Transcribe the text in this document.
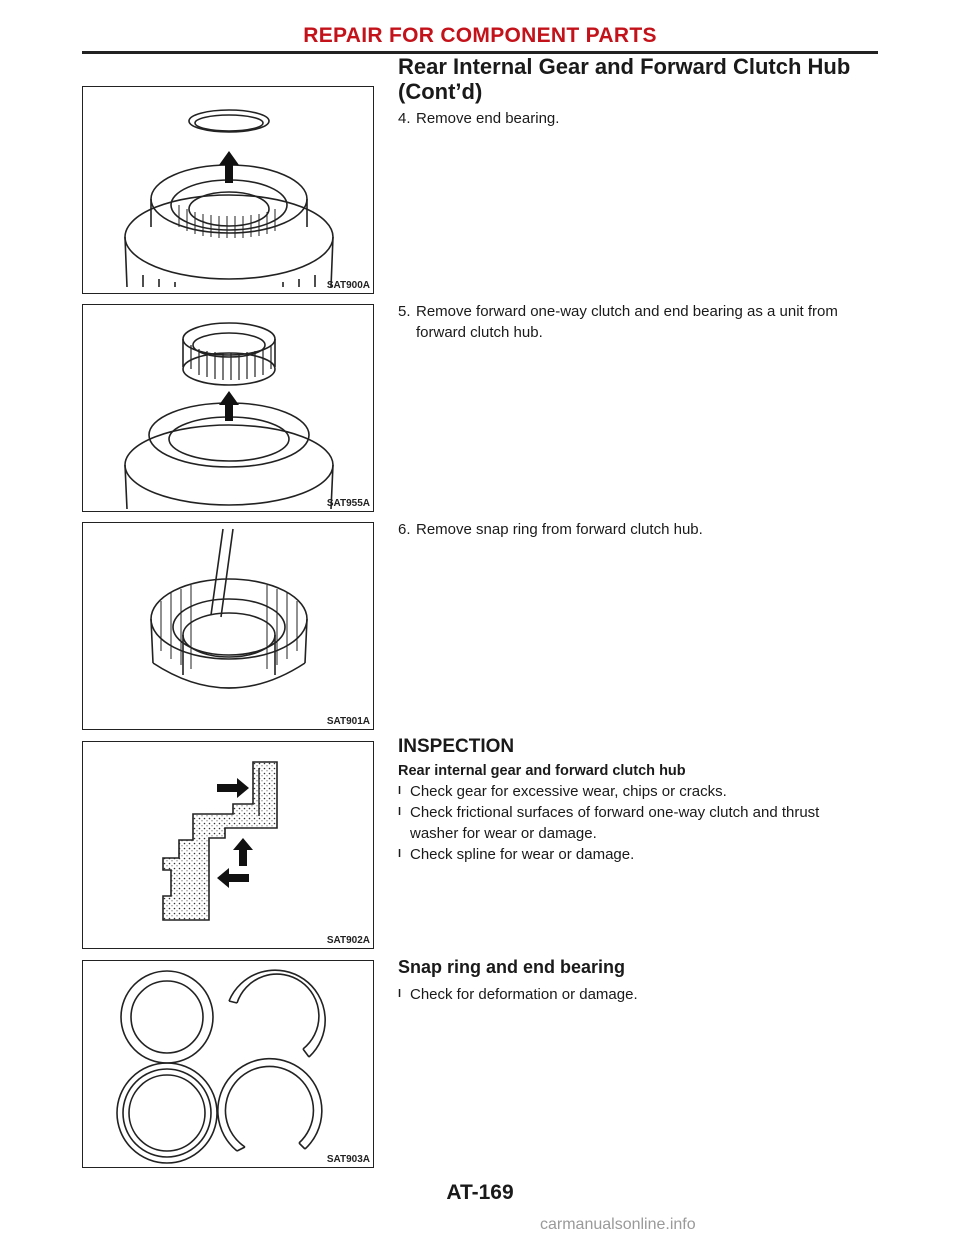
REPAIR FOR COMPONENT PARTS
Rear Internal Gear and Forward Clutch Hub
(Cont’d)
SAT900A
SAT955A
SAT901A
SAT902A
SAT903A
4. Remove end bearing.
5. Remove forward one-way clutch and end bearing as a unit from
forward clutch hub.
6. Remove snap ring from forward clutch hub.
INSPECTION
Rear internal gear and forward clutch hub
l Check gear for excessive wear, chips or cracks.
l Check frictional surfaces of forward one-way clutch and thrust
washer for wear or damage.
l Check spline for wear or damage.
Snap ring and end bearing
l Check for deformation or damage.
AT-169
carmanualsonline.info
